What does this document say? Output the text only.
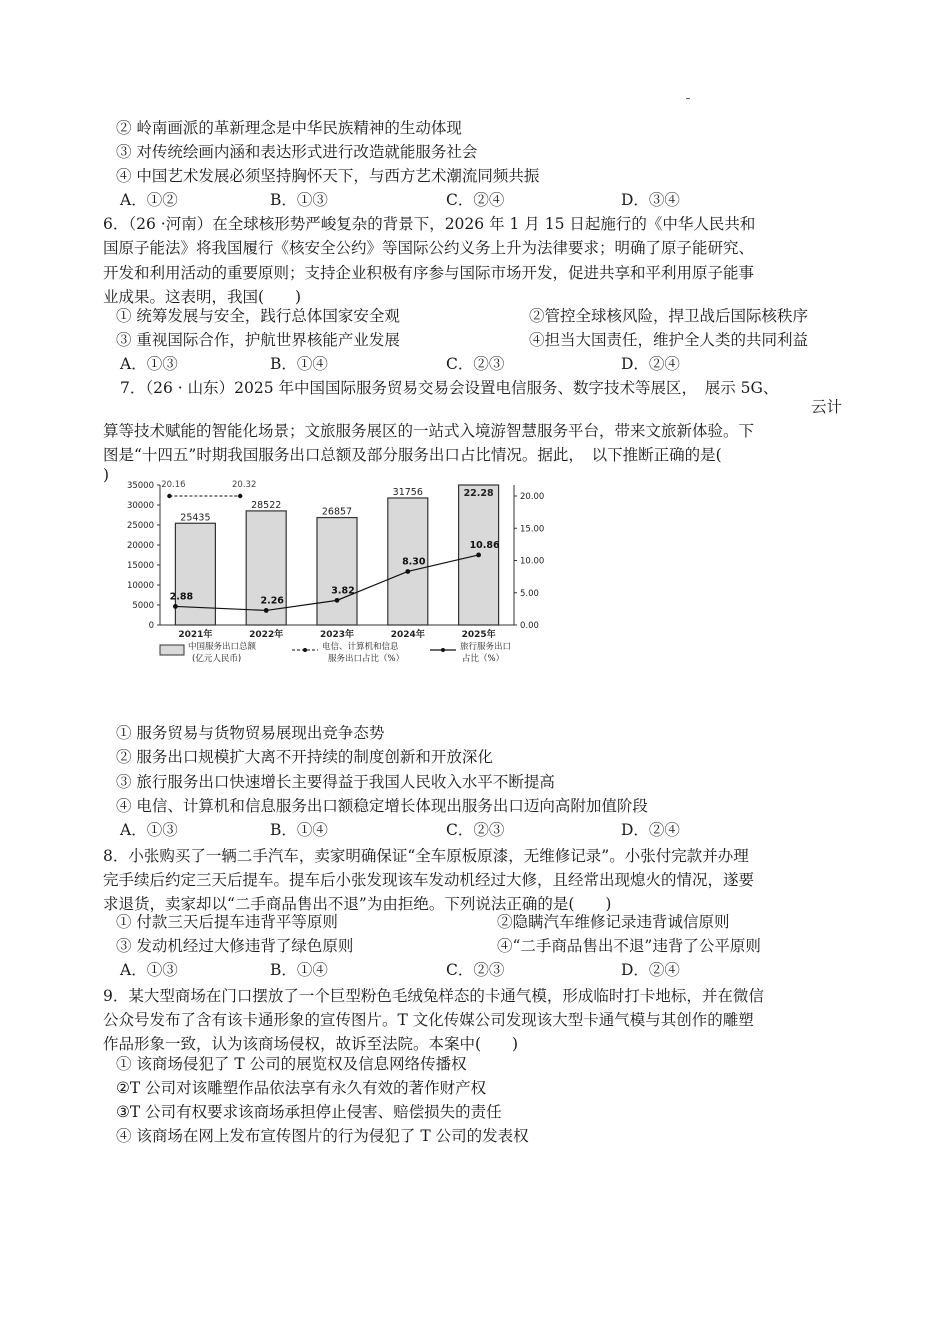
② 岭南画派的革新理念是中华民族精神的生动体现
③ 对传统绘画内涵和表达形式进行改造就能服务社会
④ 中国艺术发展必须坚持胸怀天下，与西方艺术潮流同频共振
A．①②	B．①③	C．②④	D．③④
6．（26 ·河南）在全球核形势严峻复杂的背景下，2026 年 1 月 15 日起施行的《中华人民共和
国原子能法》将我国履行《核安全公约》等国际公约义务上升为法律要求；明确了原子能研究、
开发和利用活动的重要原则；支持企业积极有序参与国际市场开发，促进共享和平利用原子能事
业成果。这表明，我国(　　)
① 统筹发展与安全，践行总体国家安全观	②管控全球核风险，捍卫战后国际核秩序
③ 重视国际合作，护航世界核能产业发展	④担当大国责任，维护全人类的共同利益
A．①③	B．①④	C．②③	D．②④
7．（26 · 山东）2025 年中国国际服务贸易交易会设置电信服务、数字技术等展区，　展示 5G、
云计
算等技术赋能的智能化场景；文旅服务展区的一站式入境游智慧服务平台，带来文旅新体验。下
图是“十四五”时期我国服务出口总额及部分服务出口占比情况。据此，　以下推断正确的是(
)
35000
30000
25000
20000
15000
10000
5000
0
20.00
15.00
10.00
5.00
0.00
2021年	2022年	2023年	2024年	2025年
25435
28522
26857
31756	22.28
20.16	20.32
2.88	2.26
3.82
8.30
10.86
中国服务出口总额
(亿元人民币)
电信、计算机和信息
服务出口占比（%）
旅行服务出口
占比（%）
① 服务贸易与货物贸易展现出竞争态势
② 服务出口规模扩大离不开持续的制度创新和开放深化
③ 旅行服务出口快速增长主要得益于我国人民收入水平不断提高
④ 电信、计算机和信息服务出口额稳定增长体现出服务出口迈向高附加值阶段
A．①③	B．①④	C．②③	D．②④
8．小张购买了一辆二手汽车，卖家明确保证“全车原板原漆，无维修记录”。小张付完款并办理
完手续后约定三天后提车。提车后小张发现该车发动机经过大修，且经常出现熄火的情况，遂要
求退货，卖家却以“二手商品售出不退”为由拒绝。下列说法正确的是(　　)
① 付款三天后提车违背平等原则	②隐瞒汽车维修记录违背诚信原则
③ 发动机经过大修违背了绿色原则	④“二手商品售出不退”违背了公平原则
A．①③	B．①④	C．②③	D．②④
9．某大型商场在门口摆放了一个巨型粉色毛绒兔样态的卡通气模，形成临时打卡地标，并在微信
公众号发布了含有该卡通形象的宣传图片。T 文化传媒公司发现该大型卡通气模与其创作的雕塑
作品形象一致，认为该商场侵权，故诉至法院。本案中(　　)
① 该商场侵犯了 T 公司的展览权及信息网络传播权
②T 公司对该雕塑作品依法享有永久有效的著作财产权
③T 公司有权要求该商场承担停止侵害、赔偿损失的责任
④ 该商场在网上发布宣传图片的行为侵犯了 T 公司的发表权
